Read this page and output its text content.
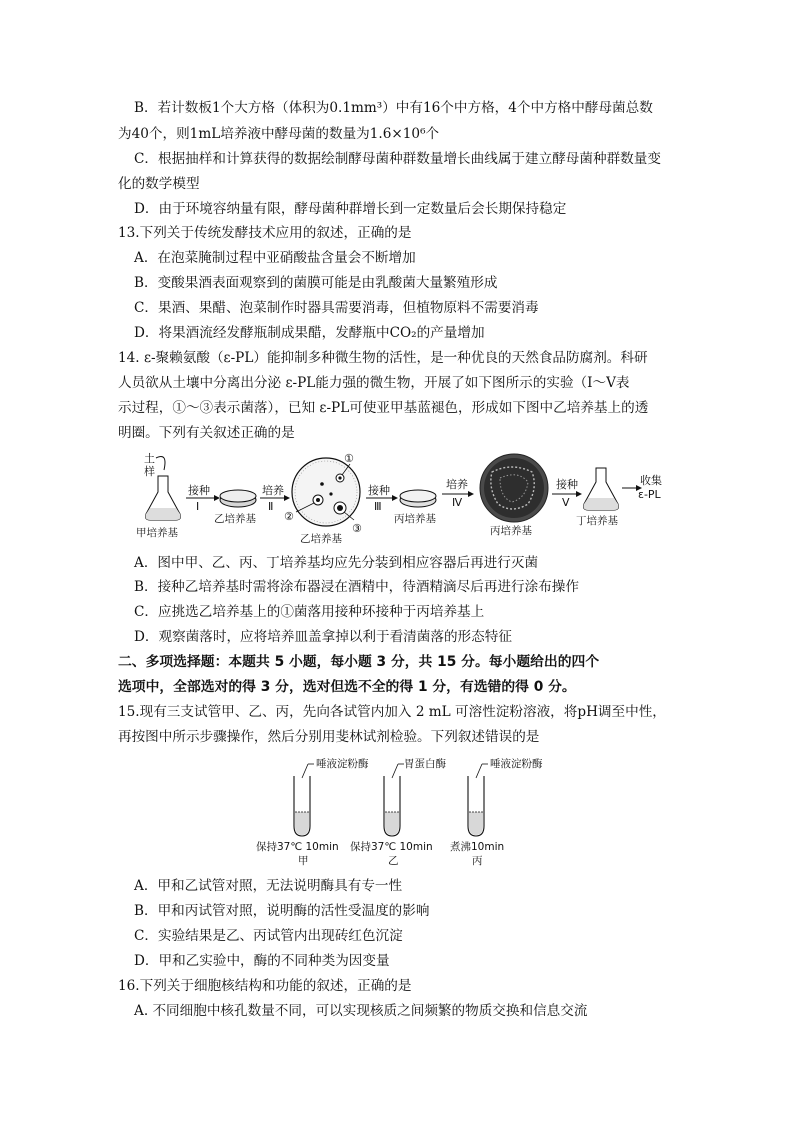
B．若计数板1个大方格（体积为0.1mm³）中有16个中方格，4个中方格中酵母菌总数
为40个，则1mL培养液中酵母菌的数量为1.6×10⁶个
C．根据抽样和计算获得的数据绘制酵母菌种群数量增长曲线属于建立酵母菌种群数量变
化的数学模型
D．由于环境容纳量有限，酵母菌种群增长到一定数量后会长期保持稳定
13.下列关于传统发酵技术应用的叙述，正确的是
A．在泡菜腌制过程中亚硝酸盐含量会不断增加
B．变酸果酒表面观察到的菌膜可能是由乳酸菌大量繁殖形成
C．果酒、果醋、泡菜制作时器具需要消毒，但植物原料不需要消毒
D．将果酒流经发酵瓶制成果醋，发酵瓶中CO₂的产量增加
14. ε-聚赖氨酸（ε-PL）能抑制多种微生物的活性，是一种优良的天然食品防腐剂。科研
人员欲从土壤中分离出分泌 ε-PL能力强的微生物，开展了如下图所示的实验（Ⅰ～Ⅴ表
示过程，①～③表示菌落），已知 ε-PL可使亚甲基蓝褪色，形成如下图中乙培养基上的透
明圈。下列有关叙述正确的是
土
样
甲培养基
接种
Ⅰ
乙培养基
培养
Ⅱ
①
②
③
乙培养基
接种
Ⅲ
丙培养基
培养
Ⅳ
丙培养基
接种
Ⅴ
丁培养基
收集
ε-PL
A．图中甲、乙、丙、丁培养基均应先分装到相应容器后再进行灭菌
B．接种乙培养基时需将涂布器浸在酒精中，待酒精滴尽后再进行涂布操作
C．应挑选乙培养基上的①菌落用接种环接种于丙培养基上
D．观察菌落时，应将培养皿盖拿掉以利于看清菌落的形态特征
二、多项选择题：本题共 5 小题，每小题 3 分，共 15 分。每小题给出的四个
选项中，全部选对的得 3 分，选对但选不全的得 1 分，有选错的得 0 分。
15.现有三支试管甲、乙、丙，先向各试管内加入 2 mL 可溶性淀粉溶液，将pH调至中性，
再按图中所示步骤操作，然后分别用斐林试剂检验。下列叙述错误的是
唾液淀粉酶
保持37℃ 10min
甲
胃蛋白酶
保持37℃ 10min
乙
唾液淀粉酶
煮沸10min
丙
A．甲和乙试管对照，无法说明酶具有专一性
B．甲和丙试管对照，说明酶的活性受温度的影响
C．实验结果是乙、丙试管内出现砖红色沉淀
D．甲和乙实验中，酶的不同种类为因变量
16.下列关于细胞核结构和功能的叙述，正确的是
A. 不同细胞中核孔数量不同，可以实现核质之间频繁的物质交换和信息交流
